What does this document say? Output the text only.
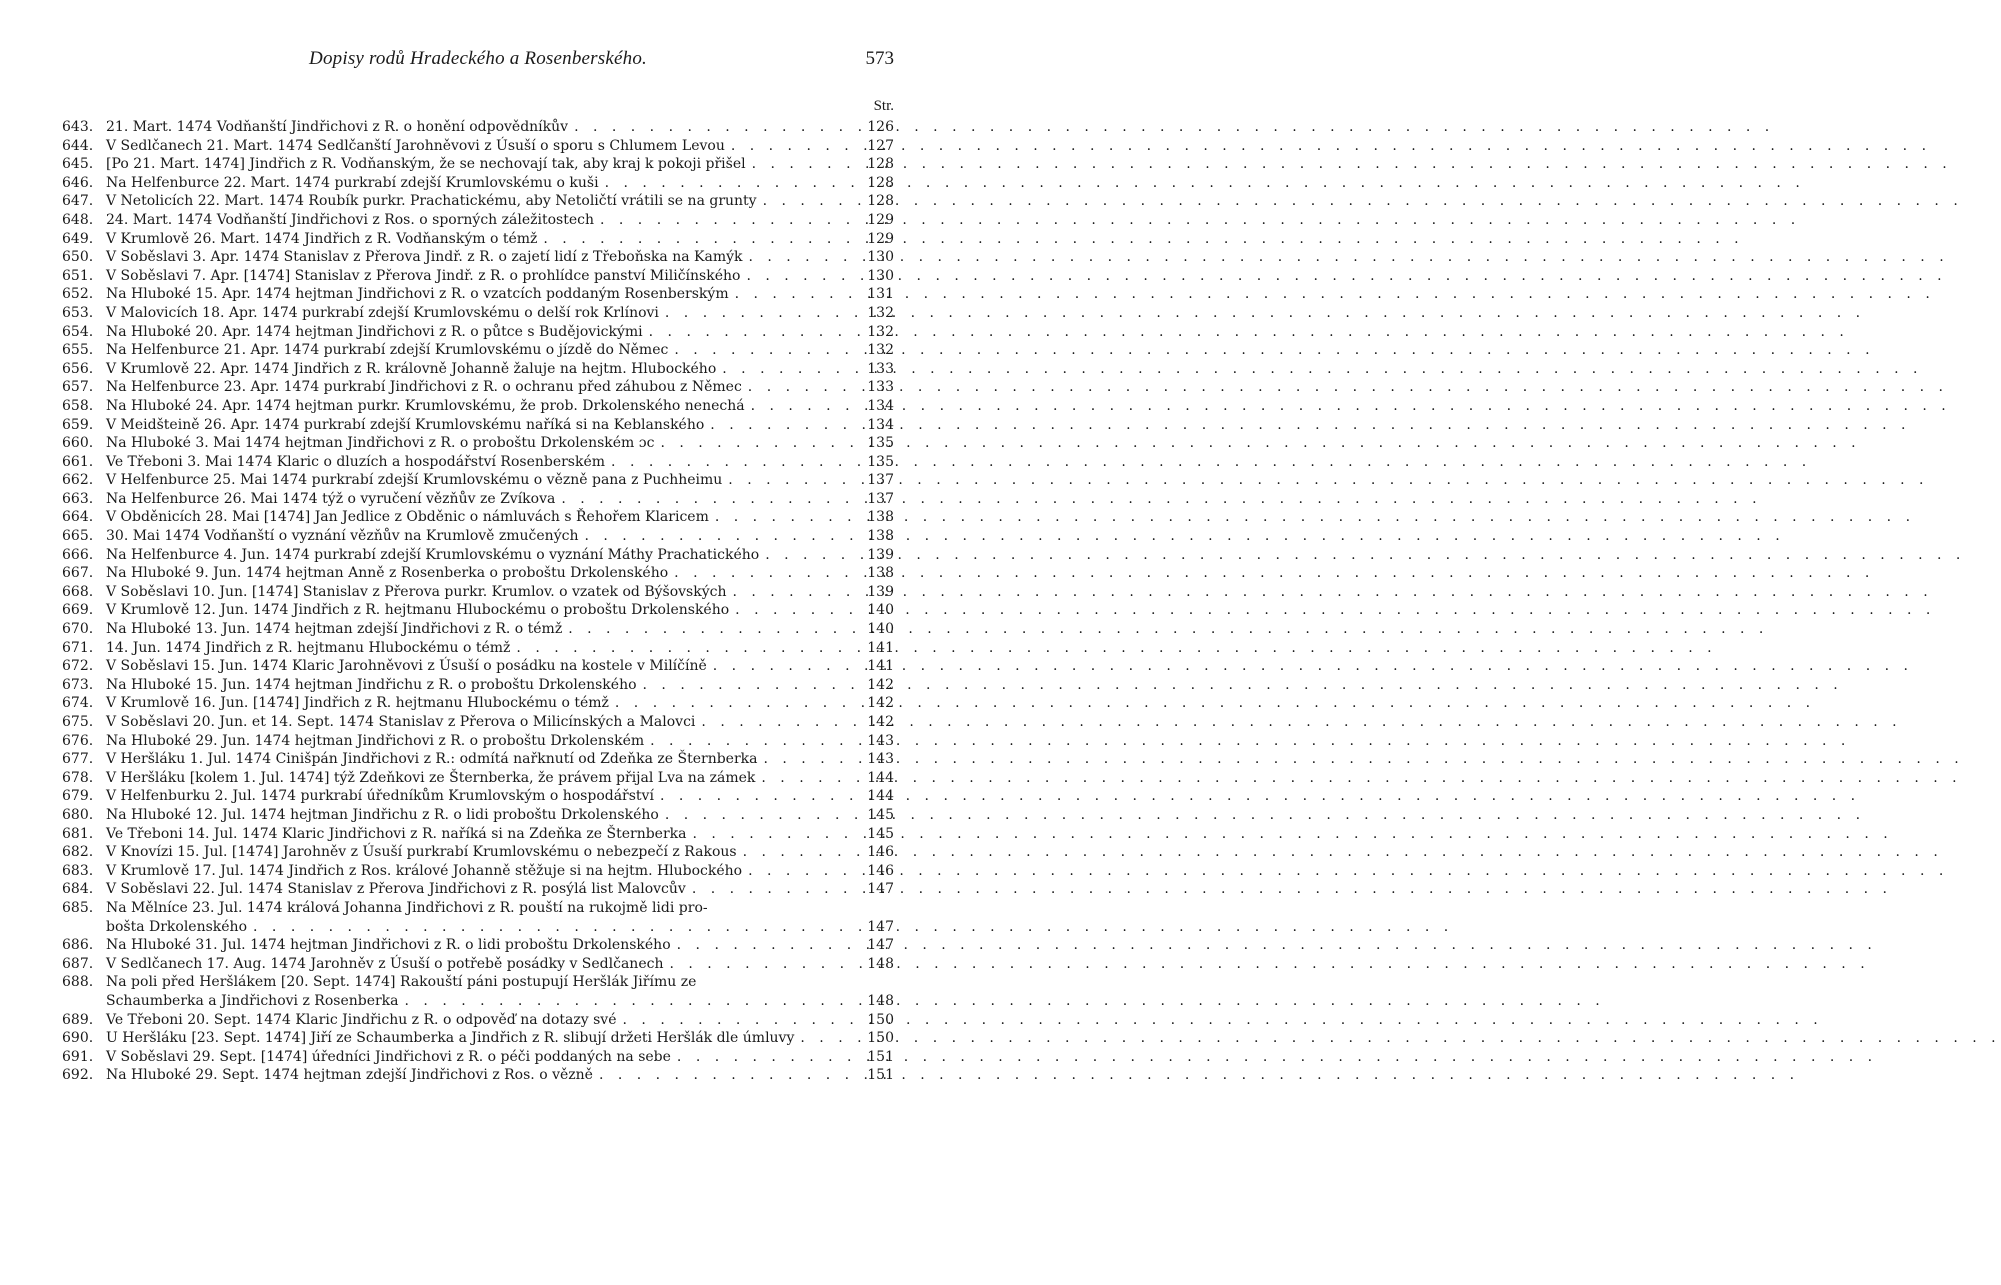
Dopisy rodů Hradeckého a Rosenberského.	573
Str.
643. 21. Mart. 1474 Vodňanští Jindřichovi z R. o honění odpovědníkův . . .	126
644. V Sedlčanech 21. Mart. 1474 Sedlčanští Jarohněvovi z Úsuší o sporu s Chlumem Levou . . .	127
645. [Po 21. Mart. 1474] Jindřich z R. Vodňanským, že se nechovají tak, aby kraj k pokoji přišel . . .	128
646. Na Helfenburce 22. Mart. 1474 purkrabí zdejší Krumlovskému o kuši . . .	128
647. V Netolicích 22. Mart. 1474 Roubík purkr. Prachatickému, aby Netoličtí vrátili se na grunty . . .	128
648. 24. Mart. 1474 Vodňanští Jindřichovi z Ros. o sporných záležitostech . . .	129
649. V Krumlově 26. Mart. 1474 Jindřich z R. Vodňanským o témž . . .	129
650. V Soběslavi 3. Apr. 1474 Stanislav z Přerova Jindř. z R. o zajetí lidí z Třeboňska na Kamýk . . .	130
651. V Soběslavi 7. Apr. [1474] Stanislav z Přerova Jindř. z R. o prohlídce panství Miličínského . . .	130
652. Na Hluboké 15. Apr. 1474 hejtman Jindřichovi z R. o vzatcích poddaným Rosenberským . . .	131
653. V Malovicích 18. Apr. 1474 purkrabí zdejší Krumlovskému o delší rok Krlínovi . . .	132
654. Na Hluboké 20. Apr. 1474 hejtman Jindřichovi z R. o půtce s Budějovickými . . .	132
655. Na Helfenburce 21. Apr. 1474 purkrabí zdejší Krumlovskému o jízdě do Němec . . .	132
656. V Krumlově 22. Apr. 1474 Jindřich z R. královně Johanně žaluje na hejtm. Hlubockého . . .	133
657. Na Helfenburce 23. Apr. 1474 purkrabí Jindřichovi z R. o ochranu před záhubou z Němec . . .	133
658. Na Hluboké 24. Apr. 1474 hejtman purkr. Krumlovskému, že prob. Drkolenského nenechá . . .	134
659. V Meidšteině 26. Apr. 1474 purkrabí zdejší Krumlovskému naříká si na Keblanského . . .	134
660. Na Hluboké 3. Mai 1474 hejtman Jindřichovi z R. o proboštu Drkolenském ɔc . . .	135
661. Ve Třeboni 3. Mai 1474 Klaric o dluzích a hospodářství Rosenberském . . .	135
662. V Helfenburce 25. Mai 1474 purkrabí zdejší Krumlovskému o vězně pana z Puchheimu . . .	137
663. Na Helfenburce 26. Mai 1474 týž o vyručení vězňův ze Zvíkova . . .	137
664. V Obděnicích 28. Mai [1474] Jan Jedlice z Obděnic o námluvách s Řehořem Klaricem . . .	138
665. 30. Mai 1474 Vodňanští o vyznání vězňův na Krumlově zmučených . . .	138
666. Na Helfenburce 4. Jun. 1474 purkrabí zdejší Krumlovskému o vyznání Máthy Prachatického . . .	139
667. Na Hluboké 9. Jun. 1474 hejtman Anně z Rosenberka o proboštu Drkolenského . . .	138
668. V Soběslavi 10. Jun. [1474] Stanislav z Přerova purkr. Krumlov. o vzatek od Býšovských . . .	139
669. V Krumlově 12. Jun. 1474 Jindřich z R. hejtmanu Hlubockému o proboštu Drkolenského . . .	140
670. Na Hluboké 13. Jun. 1474 hejtman zdejší Jindřichovi z R. o témž . . .	140
671. 14. Jun. 1474 Jindřich z R. hejtmanu Hlubockému o témž . . .	141
672. V Soběslavi 15. Jun. 1474 Klaric Jarohněvovi z Úsuší o posádku na kostele v Milíčíně . . .	141
673. Na Hluboké 15. Jun. 1474 hejtman Jindřichu z R. o proboštu Drkolenského . . .	142
674. V Krumlově 16. Jun. [1474] Jindřich z R. hejtmanu Hlubockému o témž . . .	142
675. V Soběslavi 20. Jun. et 14. Sept. 1474 Stanislav z Přerova o Milicínských a Malovci . . .	142
676. Na Hluboké 29. Jun. 1474 hejtman Jindřichovi z R. o proboštu Drkolenském . . .	143
677. V Heršláku 1. Jul. 1474 Cinišpán Jindřichovi z R.: odmítá nařknutí od Zdeňka ze Šternberka . . .	143
678. V Heršláku [kolem 1. Jul. 1474] týž Zdeňkovi ze Šternberka, že právem přijal Lva na zámek . . .	144
679. V Helfenburku 2. Jul. 1474 purkrabí úředníkům Krumlovským o hospodářství . . .	144
680. Na Hluboké 12. Jul. 1474 hejtman Jindřichu z R. o lidi proboštu Drkolenského . . .	145
681. Ve Třeboni 14. Jul. 1474 Klaric Jindřichovi z R. naříká si na Zdeňka ze Šternberka . . .	145
682. V Knovízi 15. Jul. [1474] Jarohněv z Úsuší purkrabí Krumlovskému o nebezpečí z Rakous . . .	146
683. V Krumlově 17. Jul. 1474 Jindřich z Ros. králové Johanně stěžuje si na hejtm. Hlubockého . . .	146
684. V Soběslavi 22. Jul. 1474 Stanislav z Přerova Jindřichovi z R. posýlá list Malovcův . . .	147
685. Na Mělníce 23. Jul. 1474 králová Johanna Jindřichovi z R. pouští na rukojmě lidi pro-
bošta Drkolenského . . .	147
686. Na Hluboké 31. Jul. 1474 hejtman Jindřichovi z R. o lidi proboštu Drkolenského . . .	147
687. V Sedlčanech 17. Aug. 1474 Jarohněv z Úsuší o potřebě posádky v Sedlčanech . . .	148
688. Na poli před Heršlákem [20. Sept. 1474] Rakouští páni postupují Heršlák Jiřímu ze
Schaumberka a Jindřichovi z Rosenberka . . .	148
689. Ve Třeboni 20. Sept. 1474 Klaric Jindřichu z R. o odpověď na dotazy své . . .	150
690. U Heršláku [23. Sept. 1474] Jiří ze Schaumberka a Jindřich z R. slibují držeti Heršlák dle úmluvy . . .	150
691. V Soběslavi 29. Sept. [1474] úředníci Jindřichovi z R. o péči poddaných na sebe . . .	151
692. Na Hluboké 29. Sept. 1474 hejtman zdejší Jindřichovi z Ros. o vězně . . .	151
